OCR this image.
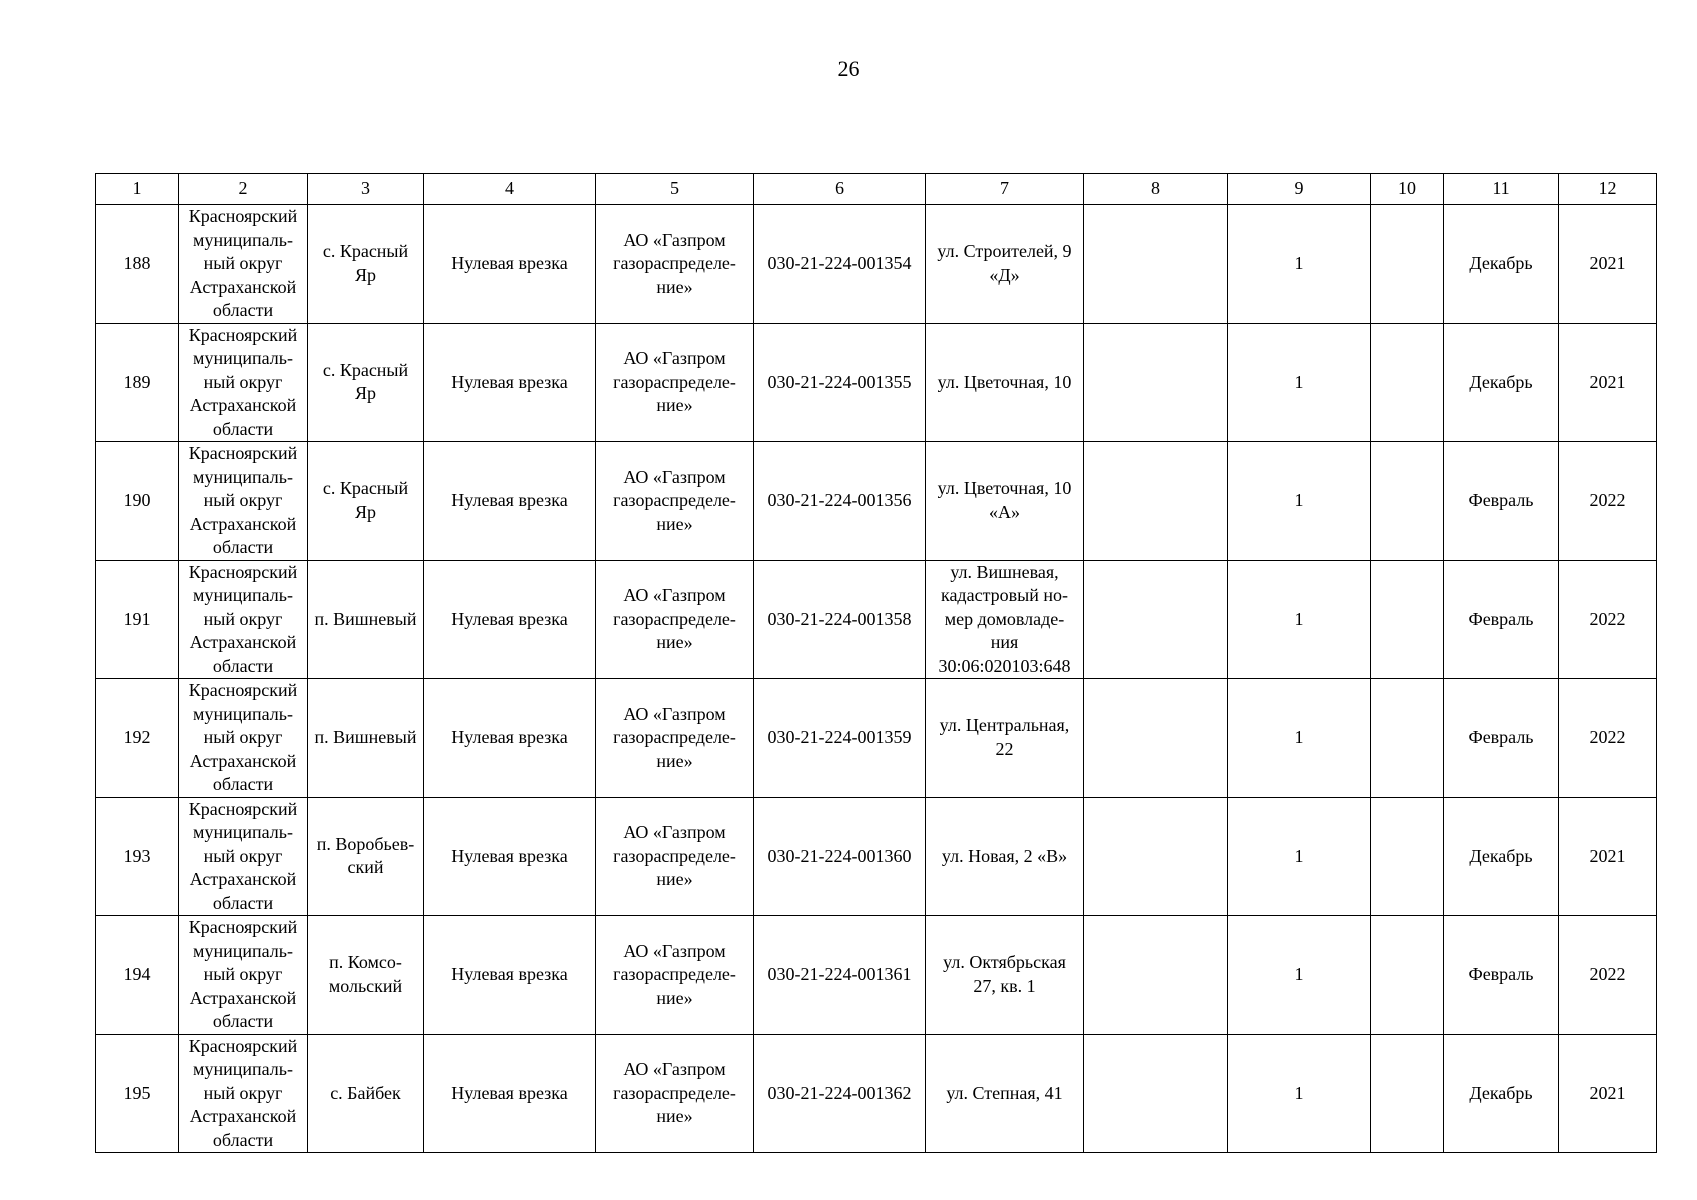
26
1	2	3	4	5	6	7	8	9	10	11	12
188	Красноярский
муниципаль-
ный округ
Астраханской
области	с. Красный
Яр	Нулевая врезка	АО «Газпром
газораспределе-
ние»	030-21-224-001354	ул. Строителей, 9
«Д»		1		Декабрь	2021
189	Красноярский
муниципаль-
ный округ
Астраханской
области	с. Красный
Яр	Нулевая врезка	АО «Газпром
газораспределе-
ние»	030-21-224-001355	ул. Цветочная, 10		1		Декабрь	2021
190	Красноярский
муниципаль-
ный округ
Астраханской
области	с. Красный
Яр	Нулевая врезка	АО «Газпром
газораспределе-
ние»	030-21-224-001356	ул. Цветочная, 10
«А»		1		Февраль	2022
191	Красноярский
муниципаль-
ный округ
Астраханской
области	п. Вишневый	Нулевая врезка	АО «Газпром
газораспределе-
ние»	030-21-224-001358	ул. Вишневая,
кадастровый но-
мер домовладе-
ния
30:06:020103:648		1		Февраль	2022
192	Красноярский
муниципаль-
ный округ
Астраханской
области	п. Вишневый	Нулевая врезка	АО «Газпром
газораспределе-
ние»	030-21-224-001359	ул. Центральная,
22		1		Февраль	2022
193	Красноярский
муниципаль-
ный округ
Астраханской
области	п. Воробьев-
ский	Нулевая врезка	АО «Газпром
газораспределе-
ние»	030-21-224-001360	ул. Новая, 2 «В»		1		Декабрь	2021
194	Красноярский
муниципаль-
ный округ
Астраханской
области	п. Комсо-
мольский	Нулевая врезка	АО «Газпром
газораспределе-
ние»	030-21-224-001361	ул. Октябрьская
27, кв. 1		1		Февраль	2022
195	Красноярский
муниципаль-
ный округ
Астраханской
области	с. Байбек	Нулевая врезка	АО «Газпром
газораспределе-
ние»	030-21-224-001362	ул. Степная, 41		1		Декабрь	2021
